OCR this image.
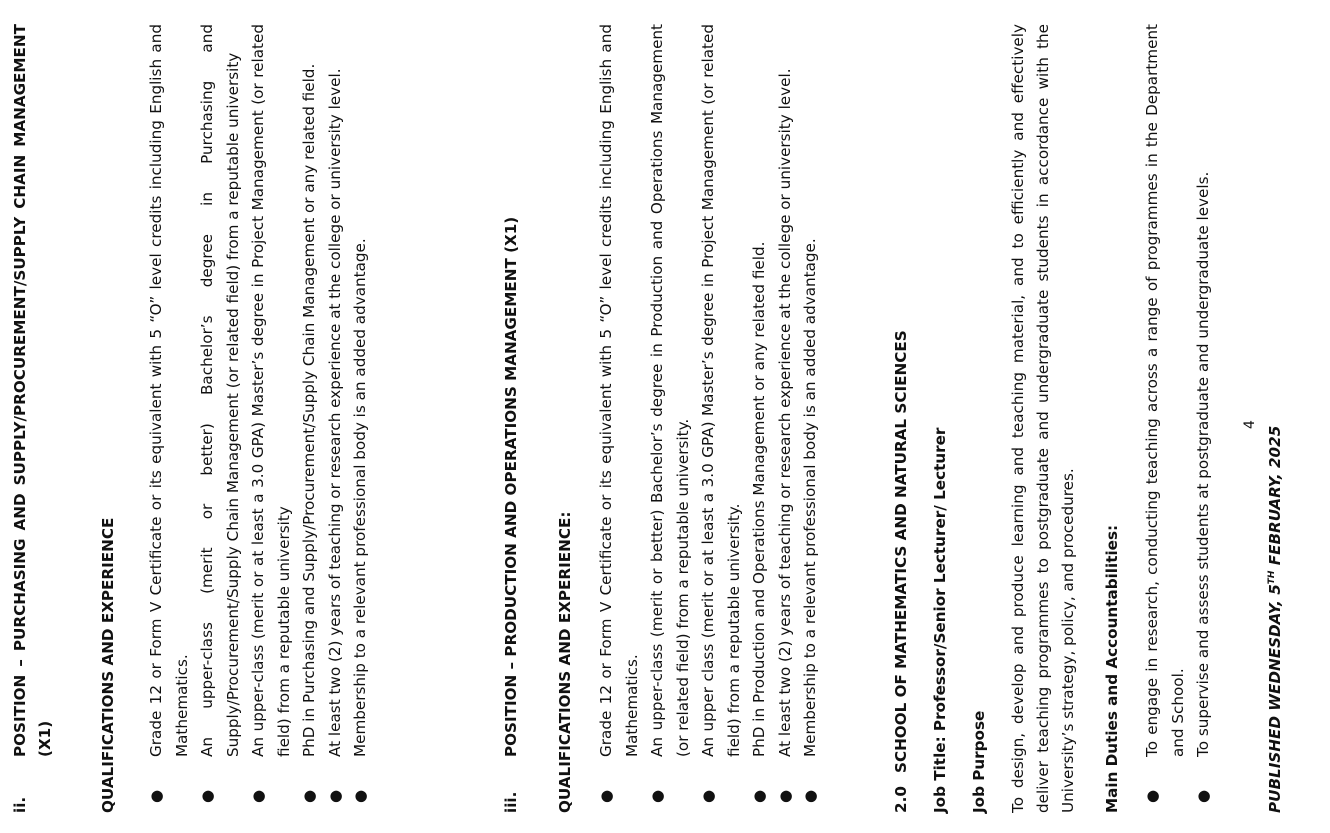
ii.
POSITION – PURCHASING AND SUPPLY/PROCUREMENT/SUPPLY CHAIN MANAGEMENT (X1)	QUALIFICATIONS AND EXPERIENCE ●
Grade 12 or Form V Certificate or its equivalent with 5 “O” level credits including English and Mathematics.
●
An upper-class (merit or better) Bachelor’s degree in Purchasing and Supply/Procurement/Supply Chain Management (or related field) from a reputable university
●
An upper-class (merit or at least a 3.0 GPA) Master’s degree in Project Management (or related field) from a reputable university
●
PhD in Purchasing and Supply/Procurement/Supply Chain Management or any related field.
●
At least two (2) years of teaching or research experience at the college or university level.
●
Membership to a relevant professional body is an added advantage.
iii.
POSITION – PRODUCTION AND OPERATIONS MANAGEMENT (X1) QUALIFICATIONS AND EXPERIENCE: ●
Grade 12 or Form V Certificate or its equivalent with 5 “O” level credits including English and Mathematics.
●
An upper-class (merit or better) Bachelor’s degree in Production and Operations Management (or related field) from a reputable university.
●
An upper class (merit or at least a 3.0 GPA) Master’s degree in Project Management (or related field) from a reputable university.
●
PhD in Production and Operations Management or any related field.
●
At least two (2) years of teaching or research experience at the college or university level.
●
Membership to a relevant professional body is an added advantage.
2.0
SCHOOL OF MATHEMATICS AND NATURAL SCIENCES Job Title: Professor/Senior Lecturer/ Lecturer Job Purpose To design, develop and produce learning and teaching material, and to efficiently and effectively deliver teaching programmes to postgraduate and undergraduate students in accordance with the University’s strategy, policy, and procedures. Main Duties and Accountabilities: ●
To engage in research, conducting teaching across a range of programmes in the Department and School.
●
To supervise and assess students at postgraduate and undergraduate levels.	4
PUBLISHED WEDNESDAY, 5TH FEBRUARY, 2025
